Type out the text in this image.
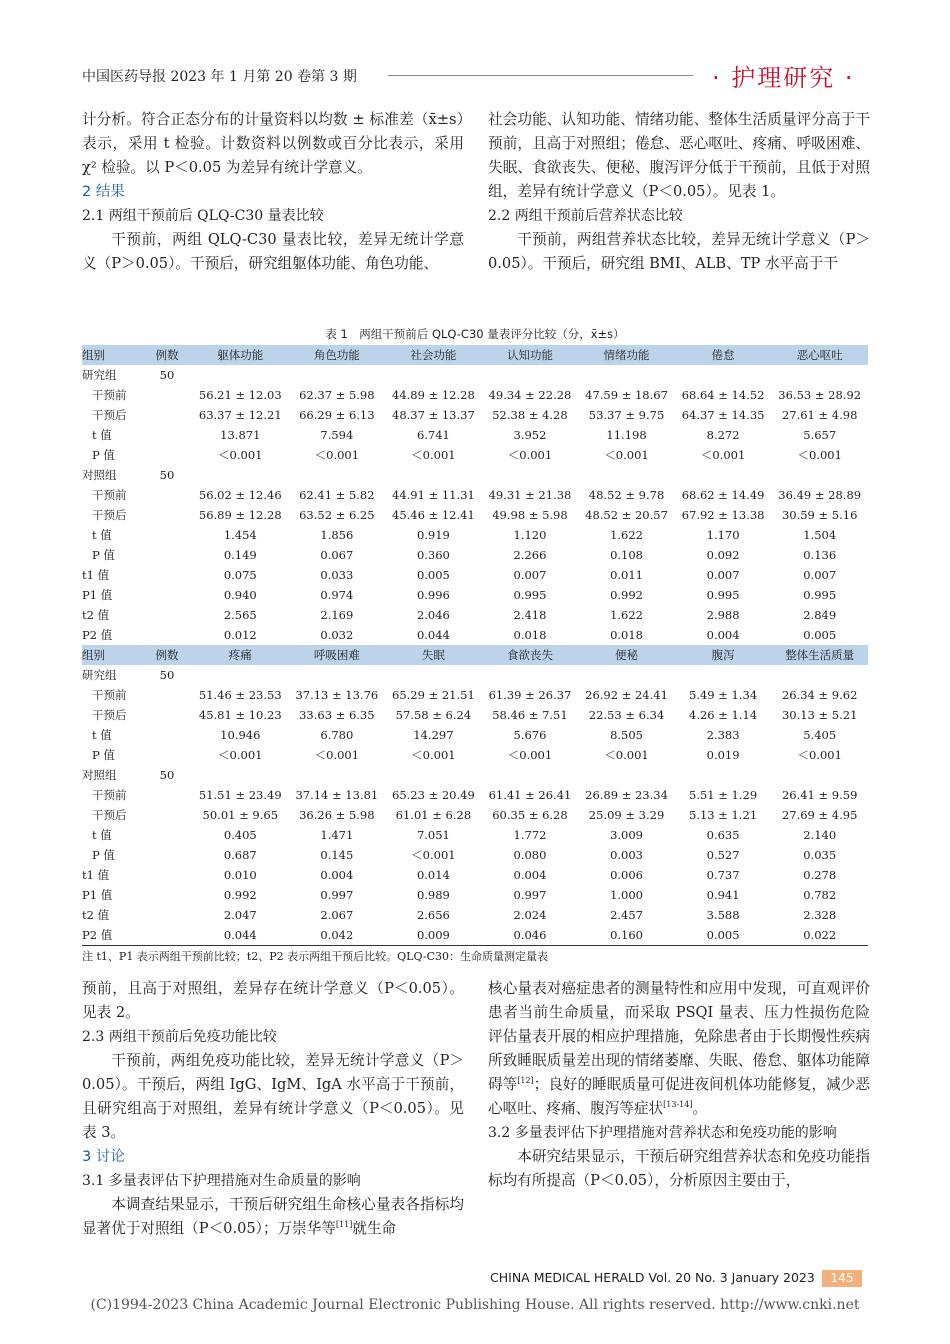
中国医药导报 2023 年 1 月第 20 卷第 3 期	· 护理研究 ·

计分析。符合正态分布的计量资料以均数 ± 标准差（x̄±s）表示，采用 t 检验。计数资料以例数或百分比表示，采用 χ² 检验。以 P＜0.05 为差异有统计学意义。

2 结果
2.1 两组干预前后 QLQ-C30 量表比较

干预前，两组 QLQ-C30 量表比较，差异无统计学意义（P＞0.05）。干预后，研究组躯体功能、角色功能、

社会功能、认知功能、情绪功能、整体生活质量评分高于干预前，且高于对照组；倦怠、恶心呕吐、疼痛、呼吸困难、失眠、食欲丧失、便秘、腹泻评分低于干预前，且低于对照组，差异有统计学意义（P＜0.05）。见表 1。

2.2 两组干预前后营养状态比较

干预前，两组营养状态比较，差异无统计学意义（P＞0.05）。干预后，研究组 BMI、ALB、TP 水平高于干

表 1　两组干预前后 QLQ-C30 量表评分比较（分，x̄±s）
组别	例数	躯体功能	角色功能	社会功能	认知功能	情绪功能	倦怠	恶心呕吐
研究组	50							
干预前		56.21 ± 12.03	62.37 ± 5.98	44.89 ± 12.28	49.34 ± 22.28	47.59 ± 18.67	68.64 ± 14.52	36.53 ± 28.92
干预后		63.37 ± 12.21	66.29 ± 6.13	48.37 ± 13.37	52.38 ± 4.28	53.37 ± 9.75	64.37 ± 14.35	27.61 ± 4.98
t 值		13.871	7.594	6.741	3.952	11.198	8.272	5.657
P 值		＜0.001	＜0.001	＜0.001	＜0.001	＜0.001	＜0.001	＜0.001
对照组	50							
干预前		56.02 ± 12.46	62.41 ± 5.82	44.91 ± 11.31	49.31 ± 21.38	48.52 ± 9.78	68.62 ± 14.49	36.49 ± 28.89
干预后		56.89 ± 12.28	63.52 ± 6.25	45.46 ± 12.41	49.98 ± 5.98	48.52 ± 20.57	67.92 ± 13.38	30.59 ± 5.16
t 值		1.454	1.856	0.919	1.120	1.622	1.170	1.504
P 值		0.149	0.067	0.360	2.266	0.108	0.092	0.136
t1 值		0.075	0.033	0.005	0.007	0.011	0.007	0.007
P1 值		0.940	0.974	0.996	0.995	0.992	0.995	0.995
t2 值		2.565	2.169	2.046	2.418	1.622	2.988	2.849
P2 值		0.012	0.032	0.044	0.018	0.018	0.004	0.005
组别	例数	疼痛	呼吸困难	失眠	食欲丧失	便秘	腹泻	整体生活质量
研究组	50							
干预前		51.46 ± 23.53	37.13 ± 13.76	65.29 ± 21.51	61.39 ± 26.37	26.92 ± 24.41	5.49 ± 1.34	26.34 ± 9.62
干预后		45.81 ± 10.23	33.63 ± 6.35	57.58 ± 6.24	58.46 ± 7.51	22.53 ± 6.34	4.26 ± 1.14	30.13 ± 5.21
t 值		10.946	6.780	14.297	5.676	8.505	2.383	5.405
P 值		＜0.001	＜0.001	＜0.001	＜0.001	＜0.001	0.019	＜0.001
对照组	50							
干预前		51.51 ± 23.49	37.14 ± 13.81	65.23 ± 20.49	61.41 ± 26.41	26.89 ± 23.34	5.51 ± 1.29	26.41 ± 9.59
干预后		50.01 ± 9.65	36.26 ± 5.98	61.01 ± 6.28	60.35 ± 6.28	25.09 ± 3.29	5.13 ± 1.21	27.69 ± 4.95
t 值		0.405	1.471	7.051	1.772	3.009	0.635	2.140
P 值		0.687	0.145	＜0.001	0.080	0.003	0.527	0.035
t1 值		0.010	0.004	0.014	0.004	0.006	0.737	0.278
P1 值		0.992	0.997	0.989	0.997	1.000	0.941	0.782
t2 值		2.047	2.067	2.656	2.024	2.457	3.588	2.328
P2 值		0.044	0.042	0.009	0.046	0.160	0.005	0.022
注 t1、P1 表示两组干预前比较；t2、P2 表示两组干预后比较。QLQ-C30：生命质量测定量表

预前，且高于对照组，差异存在统计学意义（P＜0.05）。见表 2。

2.3 两组干预前后免疫功能比较

干预前，两组免疫功能比较，差异无统计学意义（P＞0.05）。干预后，两组 IgG、IgM、IgA 水平高于干预前，且研究组高于对照组，差异有统计学意义（P＜0.05）。见表 3。

3 讨论
3.1 多量表评估下护理措施对生命质量的影响

本调查结果显示，干预后研究组生命核心量表各指标均显著优于对照组（P＜0.05）；万崇华等[11]就生命

核心量表对癌症患者的测量特性和应用中发现，可直观评价患者当前生命质量，而采取 PSQI 量表、压力性损伤危险评估量表开展的相应护理措施，免除患者由于长期慢性疾病所致睡眠质量差出现的情绪萎靡、失眠、倦怠、躯体功能障碍等[12]；良好的睡眠质量可促进夜间机体功能修复，减少恶心呕吐、疼痛、腹泻等症状[13-14]。

3.2 多量表评估下护理措施对营养状态和免疫功能的影响

本研究结果显示，干预后研究组营养状态和免疫功能指标均有所提高（P＜0.05），分析原因主要由于，

CHINA MEDICAL HERALD Vol. 20 No. 3 January 2023	145
(C)1994-2023 China Academic Journal Electronic Publishing House. All rights reserved. http://www.cnki.net
